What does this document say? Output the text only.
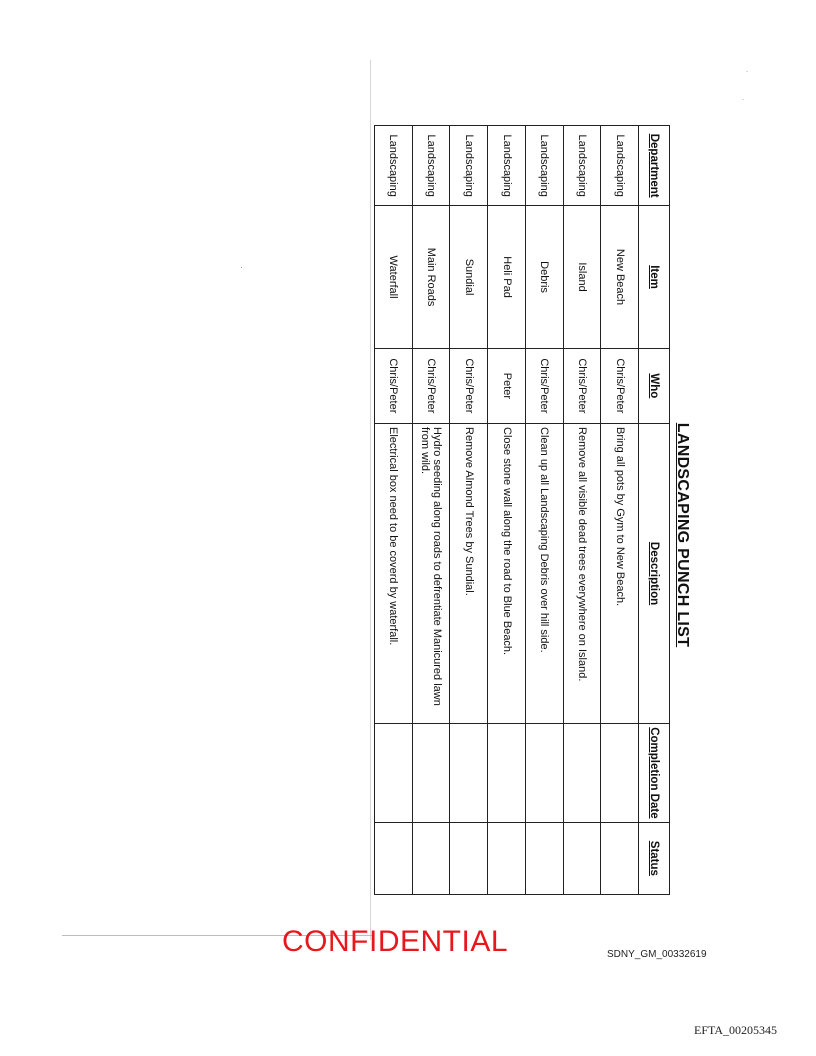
˙
˙
·
LANDSCAPING PUNCH LIST
Department	Item	Who	Description	Completion Date	Status
Landscaping	New Beach	Chris/Peter	Bring all pots by Gym to New Beach.		
Landscaping	Island	Chris/Peter	Remove all visible dead trees everywhere on Island.		
Landscaping	Debris	Chris/Peter	Clean up all Landscaping Debris over hill side.		
Landscaping	Heli Pad	Peter	Close stone wall along the road to Blue Beach.		
Landscaping	Sundial	Chris/Peter	Remove Almond Trees by Sundial.		
Landscaping	Main Roads	Chris/Peter	Hydro seeding along roads to defrentiate Manicured lawn from wild.		
Landscaping	Waterfall	Chris/Peter	Electrical box need to be coverd by waterfall.		
CONFIDENTIAL	SDNY_GM_00332619
EFTA_00205345
